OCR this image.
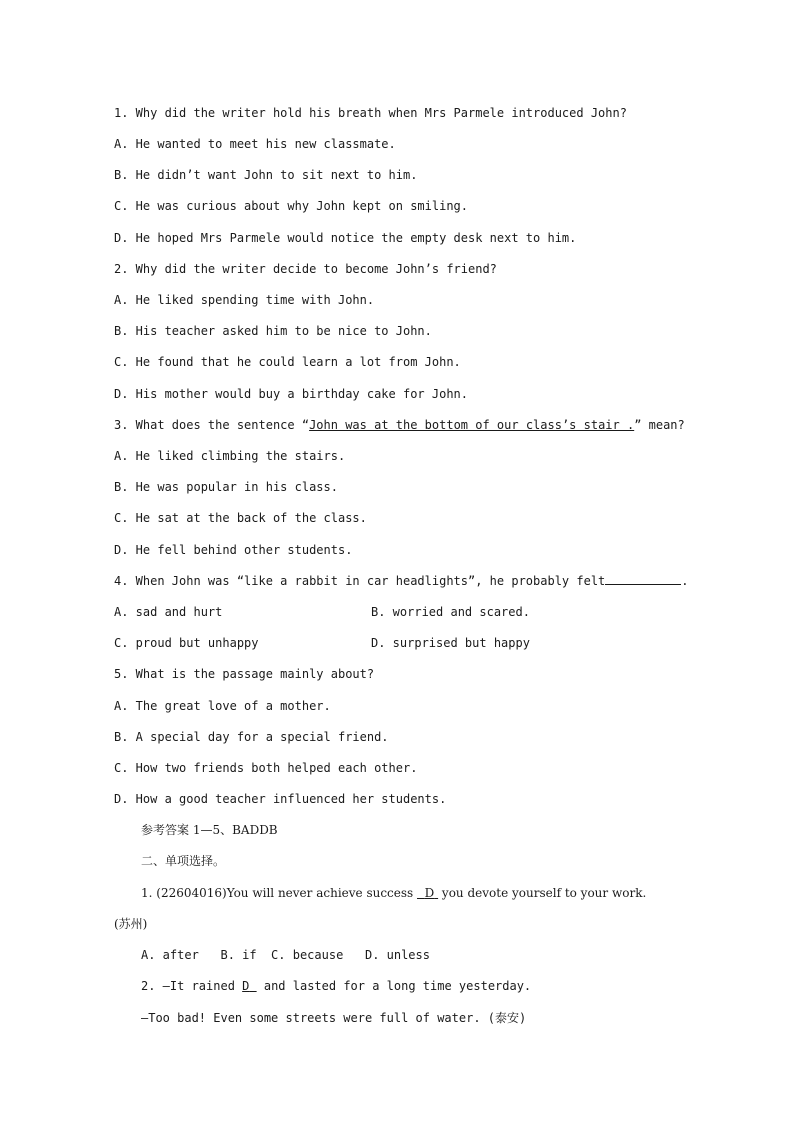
1. Why did the writer hold his breath when Mrs Parmele introduced John?
A. He wanted to meet his new classmate.
B. He didn’t want John to sit next to him.
C. He was curious about why John kept on smiling.
D. He hoped Mrs Parmele would notice the empty desk next to him.
2. Why did the writer decide to become John’s friend?
A. He liked spending time with John.
B. His teacher asked him to be nice to John.
C. He found that he could learn a lot from John.
D. His mother would buy a birthday cake for John.
3. What does the sentence “John was at the bottom of our class’s stair .” mean?
A. He liked climbing the stairs.
B. He was popular in his class.
C. He sat at the back of the class.
D. He fell behind other students.
4. When John was “like a rabbit in car headlights”, he probably felt	.
A. sad and hurt	B. worried and scared.
C. proud but unhappy	D. surprised but happy
5. What is the passage mainly about?
A. The great love of a mother.
B. A special day for a special friend.
C. How two friends both helped each other.
D. How a good teacher influenced her students.
参考答案 1—5、BADDB
二、单项选择。
1. (22604016)You will never achieve success   D  you devote yourself to your work.
(苏州)
A. after   B. if  C. because   D. unless
2. —It rained D  and lasted for a long time yesterday.
—Too bad! Even some streets were full of water. (泰安)
